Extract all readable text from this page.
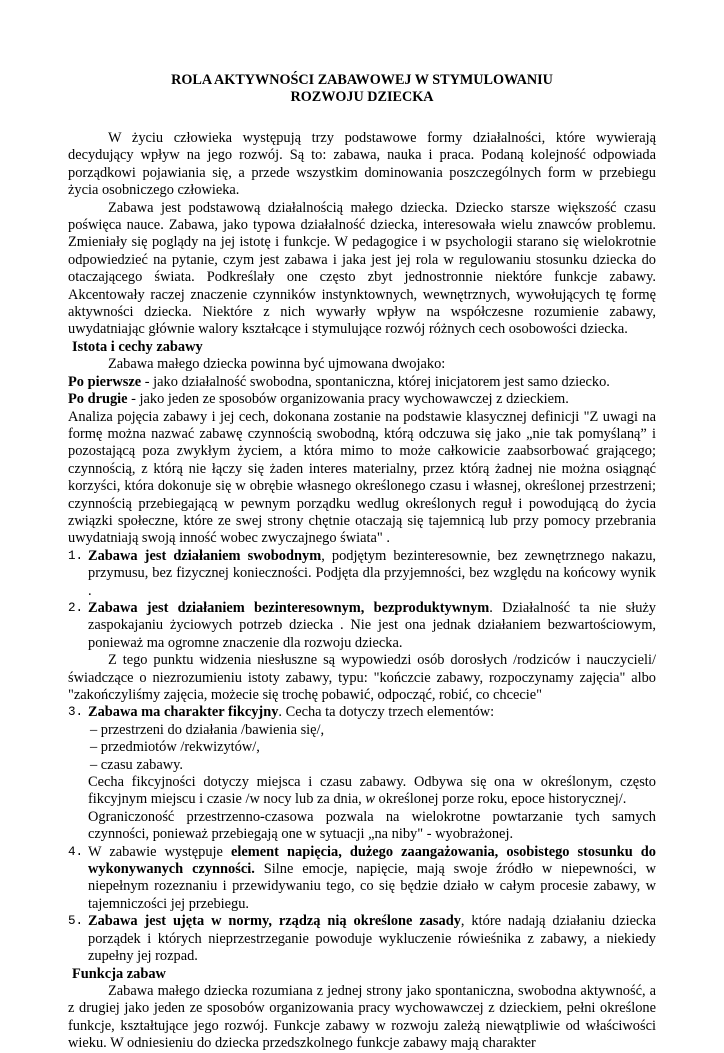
ROLA AKTYWNOŚCI ZABAWOWEJ W STYMULOWANIU
ROZWOJU DZIECKA

W życiu człowieka występują trzy podstawowe formy działalności, które wywierają decydujący wpływ na jego rozwój. Są to: zabawa, nauka i praca. Podaną kolejność odpowiada porządkowi pojawiania się, a przede wszystkim dominowania poszczególnych form w przebiegu życia osobniczego człowieka.

Zabawa jest podstawową działalnością małego dziecka. Dziecko starsze większość czasu poświęca nauce. Zabawa, jako typowa działalność dziecka, interesowała wielu znawców problemu. Zmieniały się poglądy na jej istotę i funkcje. W pedagogice i w psychologii starano się wielokrotnie odpowiedzieć na pytanie, czym jest zabawa i jaka jest jej rola w regulowaniu stosunku dziecka do otaczającego świata. Podkreślały one często zbyt jednostronnie niektóre funkcje zabawy. Akcentowały raczej znaczenie czynników instynktownych, wewnętrznych, wywołujących tę formę aktywności dziecka. Niektóre z nich wywarły wpływ na współczesne rozumienie zabawy, uwydatniając głównie walory kształcące i stymulujące rozwój różnych cech osobowości dziecka.

Istota i cechy zabawy

Zabawa małego dziecka powinna być ujmowana dwojako:

Po pierwsze - jako działalność swobodna, spontaniczna, której inicjatorem jest samo dziecko.

Po drugie - jako jeden ze sposobów organizowania pracy wychowawczej z dzieckiem.

Analiza pojęcia zabawy i jej cech, dokonana zostanie na podstawie klasycznej definicji "Z uwagi na formę można nazwać zabawę czynnością swobodną, którą odczuwa się jako „nie tak pomyślaną” i pozostającą poza zwykłym życiem, a która mimo to może całkowicie zaabsorbować grającego; czynnością, z którą nie łączy się żaden interes materialny, przez którą żadnej nie można osiągnąć korzyści, która dokonuje się w obrębie własnego określonego czasu i własnej, określonej przestrzeni; czynnością przebiegającą w pewnym porządku wedlug określonych reguł i powodującą do życia związki społeczne, które ze swej strony chętnie otaczają się tajemnicą lub przy pomocy przebrania uwydatniają swoją inność wobec zwyczajnego świata" .

1. Zabawa jest działaniem swobodnym, podjętym bezinteresownie, bez zewnętrznego nakazu, przymusu, bez fizycznej konieczności. Podjęta dla przyjemności, bez względu na końcowy wynik .
2. Zabawa jest działaniem bezinteresownym, bezproduktywnym. Działalność ta nie służy zaspokajaniu życiowych potrzeb dziecka . Nie jest ona jednak działaniem bezwartościowym, ponieważ ma ogromne znaczenie dla rozwoju dziecka.

Z tego punktu widzenia niesłuszne są wypowiedzi osób dorosłych /rodziców i nauczycieli/ świadczące o niezrozumieniu istoty zabawy, typu: "kończcie zabawy, rozpoczynamy zajęcia" albo "zakończyliśmy zajęcia, możecie się trochę pobawić, odpocząć, robić, co chcecie"

3. Zabawa ma charakter fikcyjny. Cecha ta dotyczy trzech elementów:
– przestrzeni do działania /bawienia się/,
– przedmiotów /rekwizytów/,
– czasu zabawy.

Cecha fikcyjności dotyczy miejsca i czasu zabawy. Odbywa się ona w określonym, często fikcyjnym miejscu i czasie /w nocy lub za dnia, w określonej porze roku, epoce historycznej/.

Ograniczoność przestrzenno-czasowa pozwala na wielokrotne powtarzanie tych samych czynności, ponieważ przebiegają one w sytuacji „na niby" - wyobrażonej.

4. W zabawie występuje element napięcia, dużego zaangażowania, osobistego stosunku do wykonywanych czynności. Silne emocje, napięcie, mają swoje źródło w niepewności, w niepełnym rozeznaniu i przewidywaniu tego, co się będzie działo w całym procesie zabawy, w tajemniczości jej przebiegu.
5. Zabawa jest ujęta w normy, rządzą nią określone zasady, które nadają działaniu dziecka porządek i których nieprzestrzeganie powoduje wykluczenie rówieśnika z zabawy, a niekiedy zupełny jej rozpad.

Funkcja zabaw

Zabawa małego dziecka rozumiana z jednej strony jako spontaniczna, swobodna aktywność, a z drugiej jako jeden ze sposobów organizowania pracy wychowawczej z dzieckiem, pełni określone funkcje, kształtujące jego rozwój. Funkcje zabawy w rozwoju zależą niewątpliwie od właściwości wieku. W odniesieniu do dziecka przedszkolnego funkcje zabawy mają charakter
